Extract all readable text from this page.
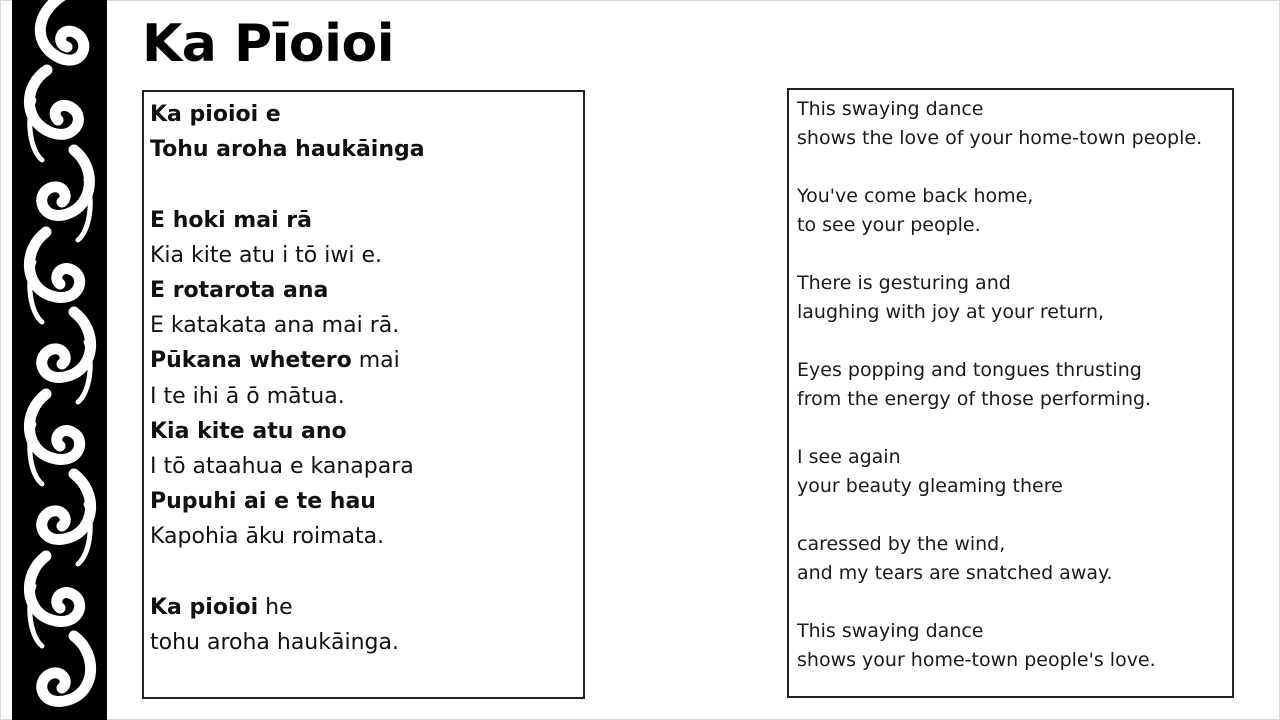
Ka Pīoioi
Ka pioioi e
Tohu aroha haukāinga
E hoki mai rā
Kia kite atu i tō iwi e.
E rotarota ana
E katakata ana mai rā.
Pūkana whetero mai
I te ihi ā ō mātua.
Kia kite atu ano
I tō ataahua e kanapara
Pupuhi ai e te hau
Kapohia āku roimata.
Ka pioioi he
tohu aroha haukāinga.
This swaying dance
shows the love of your home-town people.
You've come back home,
to see your people.
There is gesturing and
laughing with joy at your return,
Eyes popping and tongues thrusting
from the energy of those performing.
I see again
your beauty gleaming there
caressed by the wind,
and my tears are snatched away.
This swaying dance
shows your home-town people's love.
